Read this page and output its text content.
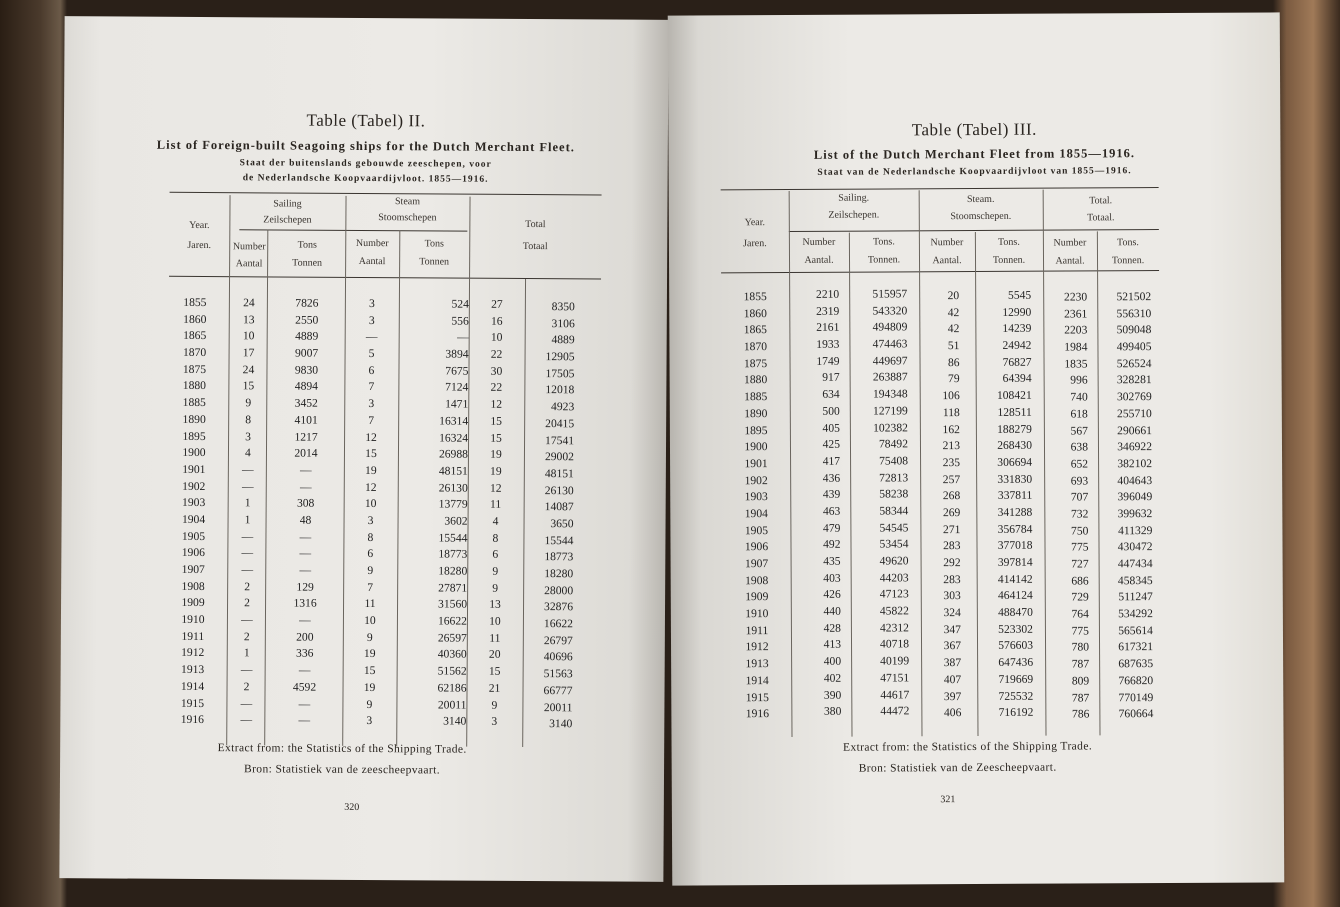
Table (Tabel) II.
List of Foreign-built Seagoing ships for the Dutch Merchant Fleet.
Staat der buitenslands gebouwde zeeschepen, voor
de Nederlandsche Koopvaardijvloot. 1855—1916.
Year.
Jaren.
Sailing
Zeilschepen
Steam
Stoomschepen
Total
Totaal
Number
Aantal
Tons
Tonnen
Number
Aantal
Tons
Tonnen
1855
1860
1865
1870
1875
1880
1885
1890
1895
1900
1901
1902
1903
1904
1905
1906
1907
1908
1909
1910
1911
1912
1913
1914
1915
1916
24
13
10
17
24
15
9
8
3
4
—
—
1
1
—
—
—
2
2
—
2
1
—
2
—
—
7826
2550
4889
9007
9830
4894
3452
4101
1217
2014
—
—
308
48
—
—
—
129
1316
—
200
336
—
4592
—
—
3
3
—
5
6
7
3
7
12
15
19
12
10
3
8
6
9
7
11
10
9
19
15
19
9
3
524
556
—
3894
7675
7124
1471
16314
16324
26988
48151
26130
13779
3602
15544
18773
18280
27871
31560
16622
26597
40360
51562
62186
20011
3140
27
16
10
22
30
22
12
15
15
19
19
12
11
4
8
6
9
9
13
10
11
20
15
21
9
3
8350
3106
4889
12905
17505
12018
4923
20415
17541
29002
48151
26130
14087
3650
15544
18773
18280
28000
32876
16622
26797
40696
51563
66777
20011
3140
Extract from: the Statistics of the Shipping Trade.
Bron: Statistiek van de zeescheepvaart.
320
Table (Tabel) III.
List of the Dutch Merchant Fleet from 1855—1916.
Staat van de Nederlandsche Koopvaardijvloot van 1855—1916.
Year.
Jaren.
Sailing.
Zeilschepen.
Steam.
Stoomschepen.
Total.
Totaal.
Number
Aantal.
Tons.
Tonnen.
Number
Aantal.
Tons.
Tonnen.
Number
Aantal.
Tons.
Tonnen.
1855
1860
1865
1870
1875
1880
1885
1890
1895
1900
1901
1902
1903
1904
1905
1906
1907
1908
1909
1910
1911
1912
1913
1914
1915
1916
2210
2319
2161
1933
1749
917
634
500
405
425
417
436
439
463
479
492
435
403
426
440
428
413
400
402
390
380
515957
543320
494809
474463
449697
263887
194348
127199
102382
78492
75408
72813
58238
58344
54545
53454
49620
44203
47123
45822
42312
40718
40199
47151
44617
44472
20
42
42
51
86
79
106
118
162
213
235
257
268
269
271
283
292
283
303
324
347
367
387
407
397
406
5545
12990
14239
24942
76827
64394
108421
128511
188279
268430
306694
331830
337811
341288
356784
377018
397814
414142
464124
488470
523302
576603
647436
719669
725532
716192
2230
2361
2203
1984
1835
996
740
618
567
638
652
693
707
732
750
775
727
686
729
764
775
780
787
809
787
786
521502
556310
509048
499405
526524
328281
302769
255710
290661
346922
382102
404643
396049
399632
411329
430472
447434
458345
511247
534292
565614
617321
687635
766820
770149
760664
Extract from: the Statistics of the Shipping Trade.
Bron: Statistiek van de Zeescheepvaart.
321
